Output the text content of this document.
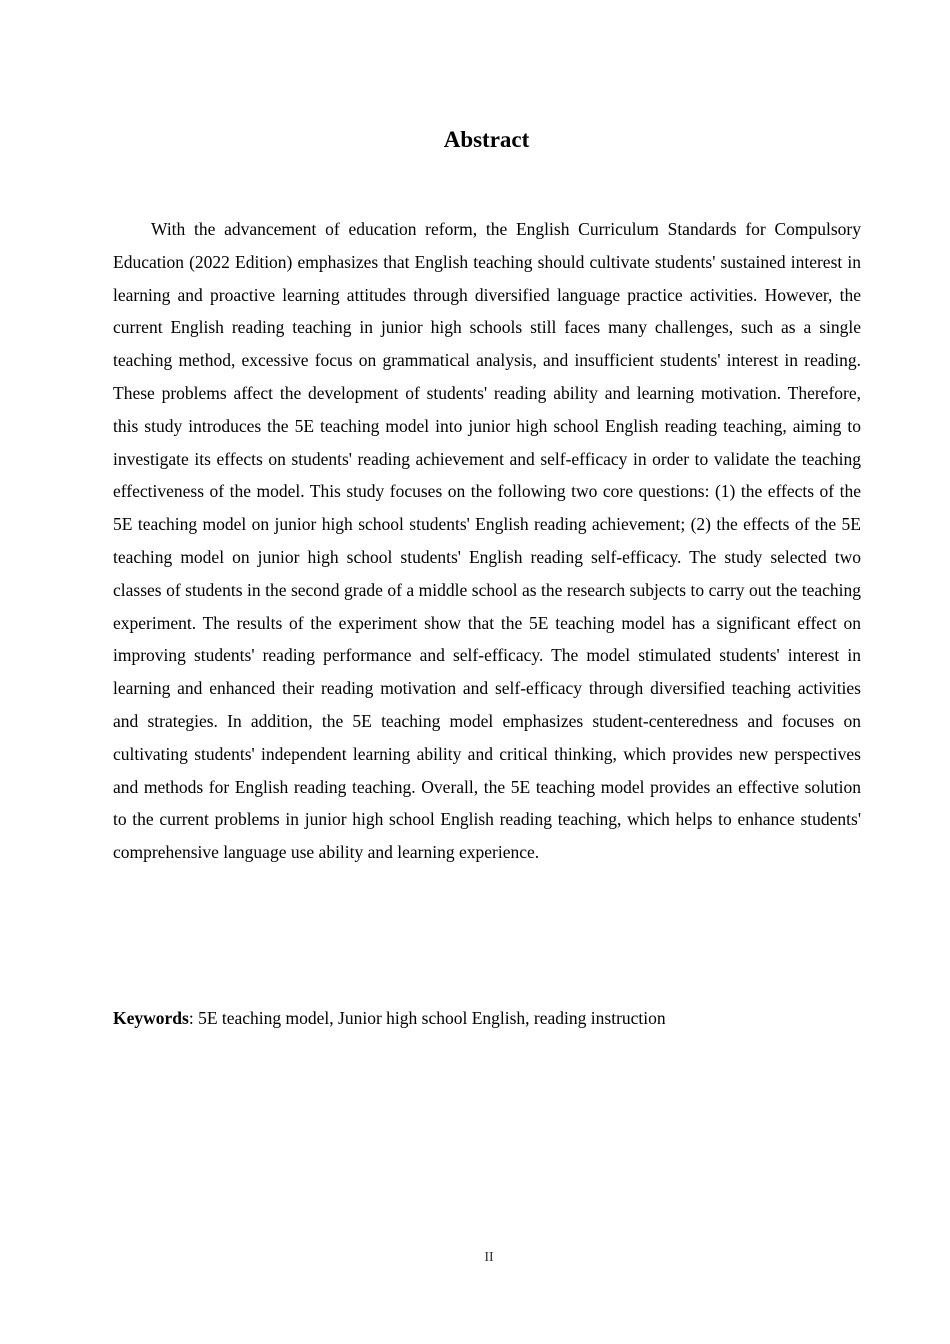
Abstract

With the advancement of education reform, the English Curriculum Standards for Compulsory Education (2022 Edition) emphasizes that English teaching should cultivate students' sustained interest in learning and proactive learning attitudes through diversified language practice activities. However, the current English reading teaching in junior high schools still faces many challenges, such as a single teaching method, excessive focus on grammatical analysis, and insufficient students' interest in reading. These problems affect the development of students' reading ability and learning motivation. Therefore, this study introduces the 5E teaching model into junior high school English reading teaching, aiming to investigate its effects on students' reading achievement and self-efficacy in order to validate the teaching effectiveness of the model. This study focuses on the following two core questions: (1) the effects of the 5E teaching model on junior high school students' English reading achievement; (2) the effects of the 5E teaching model on junior high school students' English reading self-efficacy. The study selected two classes of students in the second grade of a middle school as the research subjects to carry out the teaching experiment. The results of the experiment show that the 5E teaching model has a significant effect on improving students' reading performance and self-efficacy. The model stimulated students' interest in learning and enhanced their reading motivation and self-efficacy through diversified teaching activities and strategies. In addition, the 5E teaching model emphasizes student-centeredness and focuses on cultivating students' independent learning ability and critical thinking, which provides new perspectives and methods for English reading teaching. Overall, the 5E teaching model provides an effective solution to the current problems in junior high school English reading teaching, which helps to enhance students' comprehensive language use ability and learning experience.

Keywords: 5E teaching model, Junior high school English, reading instruction

II
